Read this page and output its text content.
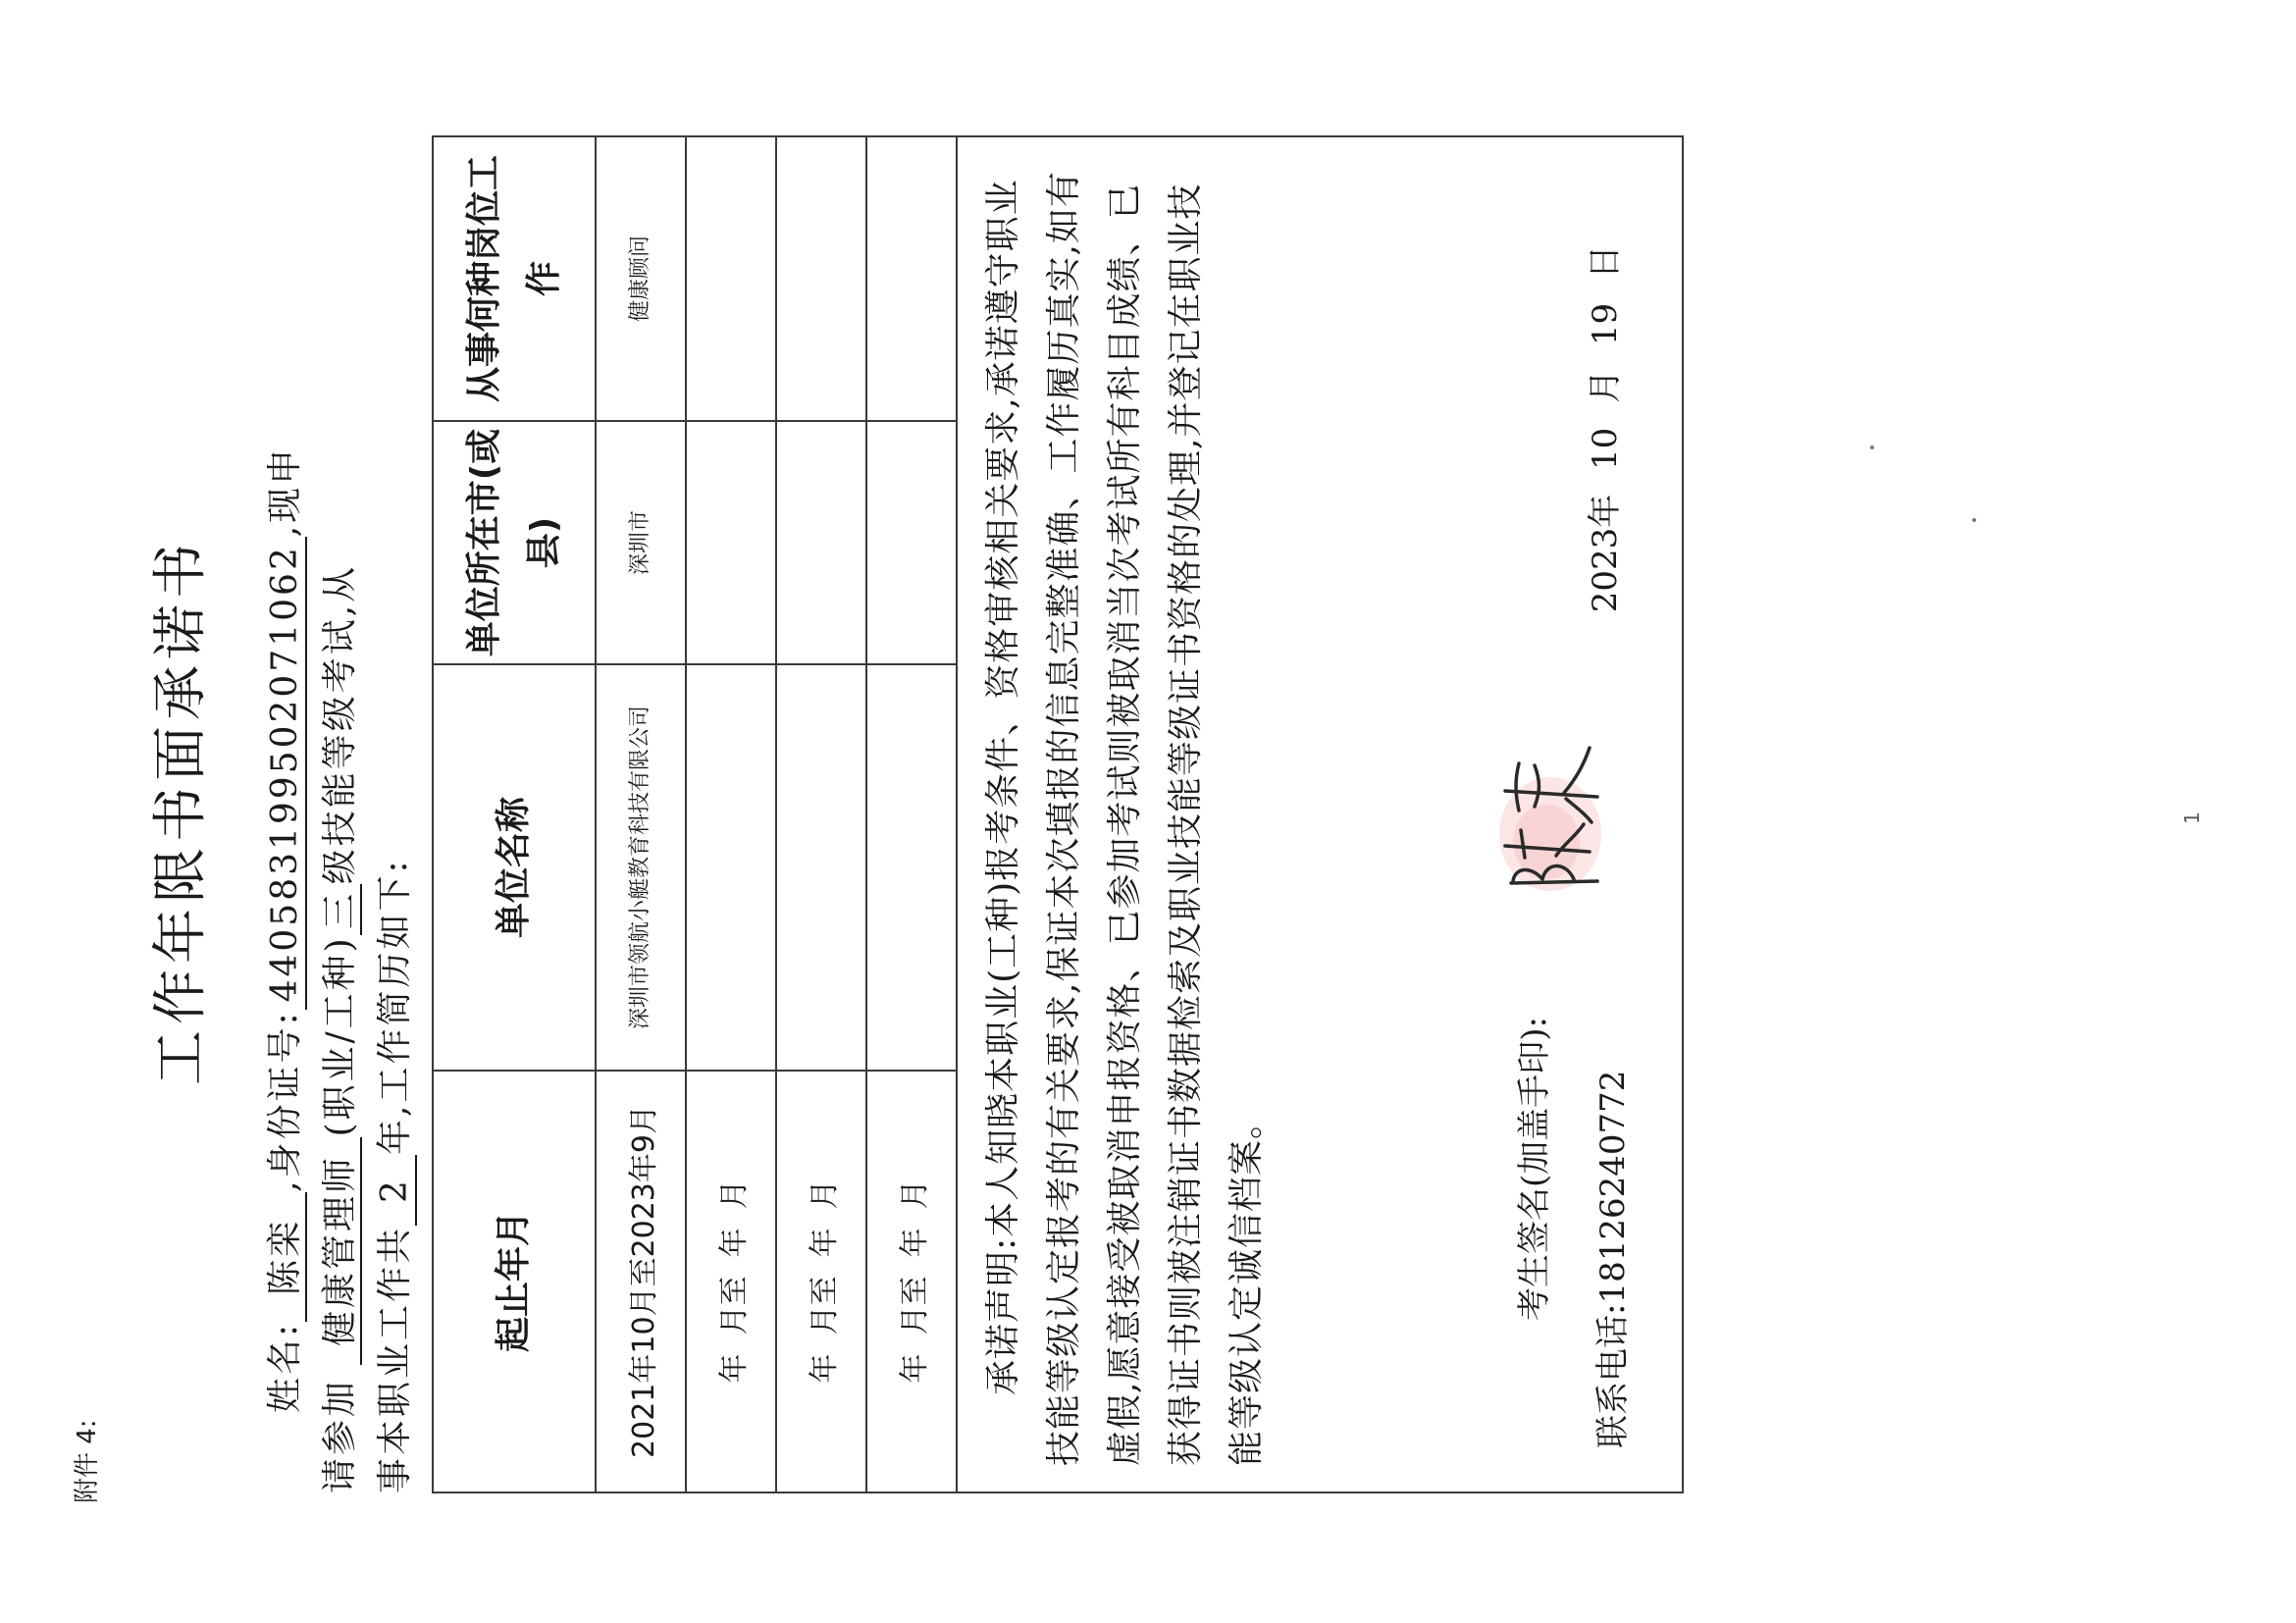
附件 4:
工作年限书面承诺书
姓名:陈栾,身份证号:440583199502071062,现申
请参加 健康管理师(职业/工种)三级技能等级考试,从
事本职业工作共2年,工作简历如下:
起止年月	单位名称	单位所在市(或县)	从事何种岗位工作
2021年10月至2023年9月	深圳市领航小艇教育科技有限公司	深圳市	健康顾问
年  月至  年  月			
年  月至  年  月			
年  月至  年  月			

承诺声明:本人知晓本职业(工种)报考条件、资格审核相关要求,承诺遵守职业技能等级认定报考的有关要求,保证本次填报的信息完整准确、工作履历真实,如有虚假,愿意接受被取消申报资格、已参加考试则被取消当次考试所有科目成绩、已获得证书则被注销证书数据检索及职业技能等级证书资格的处理,并登记在职业技能等级认定诚信档案。 考生签名(加盖手印):
联系电话:18126240772
2023年 10 月 19 日			
1
